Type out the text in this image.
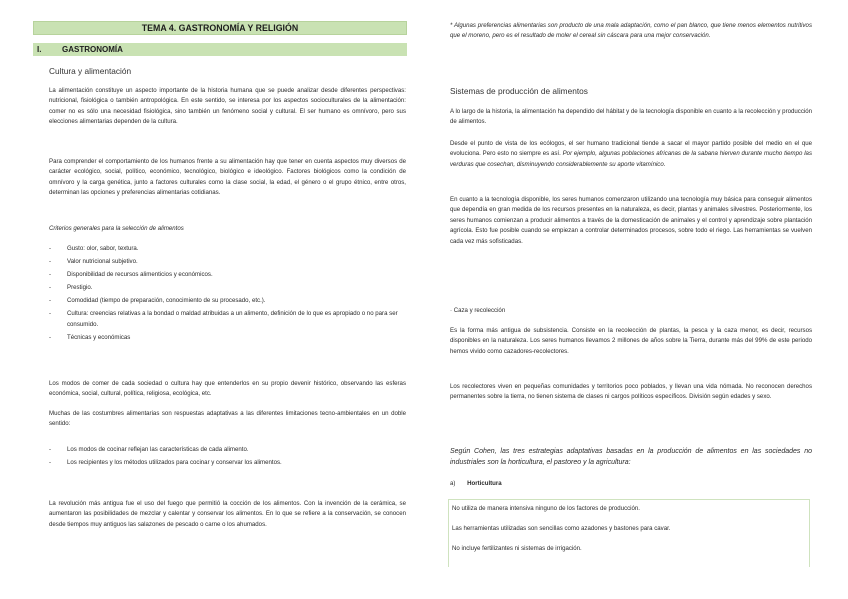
TEMA 4. GASTRONOMÍA Y RELIGIÓN
I.	GASTRONOMÍA
Cultura y alimentación

La alimentación constituye un aspecto importante de la historia humana que se puede analizar desde diferentes perspectivas: nutricional, fisiológica o también antropológica. En este sentido, se interesa por los aspectos socioculturales de la alimentación: comer no es sólo una necesidad fisiológica, sino también un fenómeno social y cultural. El ser humano es omnívoro, pero sus elecciones alimentarias dependen de la cultura.

Para comprender el comportamiento de los humanos frente a su alimentación hay que tener en cuenta aspectos muy diversos de carácter ecológico, social, político, económico, tecnológico, biológico e ideológico. Factores biológicos como la condición de omnívoro y la carga genética, junto a factores culturales como la clase social, la edad, el género o el grupo étnico, entre otros, determinan las opciones y preferencias alimentarias cotidianas.

Criterios generales para la selección de alimentos

-	Gusto: olor, sabor, textura.
-	Valor nutricional subjetivo.
-	Disponibilidad de recursos alimenticios y económicos.
-	Prestigio.
-	Comodidad (tiempo de preparación, conocimiento de su procesado, etc.).
-	Cultura: creencias relativas a la bondad o maldad atribuidas a un alimento, definición de lo que es apropiado o no para ser consumido.
-	Técnicas y económicas

Los modos de comer de cada sociedad o cultura hay que entenderlos en su propio devenir histórico, observando las esferas económica, social, cultural, política, religiosa, ecológica, etc.

Muchas de las costumbres alimentarias son respuestas adaptativas a las diferentes limitaciones tecno-ambientales en un doble sentido:

-	Los modos de cocinar reflejan las características de cada alimento.
-	Los recipientes y los métodos utilizados para cocinar y conservar los alimentos.

La revolución más antigua fue el uso del fuego que permitió la cocción de los alimentos. Con la invención de la cerámica, se aumentaron las posibilidades de mezclar y calentar y conservar los alimentos. En lo que se refiere a la conservación, se conocen desde tiempos muy antiguos las salazones de pescado o carne o los ahumados.

* Algunas preferencias alimentarias son producto de una mala adaptación, como el pan blanco, que tiene menos elementos nutritivos que el moreno, pero es el resultado de moler el cereal sin cáscara para una mejor conservación.

Sistemas de producción de alimentos

A lo largo de la historia, la alimentación ha dependido del hábitat y de la tecnología disponible en cuanto a la recolección y producción de alimentos.

Desde el punto de vista de los ecólogos, el ser humano tradicional tiende a sacar el mayor partido posible del medio en el que evoluciona. Pero esto no siempre es así. Por ejemplo, algunas poblaciones africanas de la sabana hierven durante mucho tiempo las verduras que cosechan, disminuyendo considerablemente su aporte vitamínico.

En cuanto a la tecnología disponible, los seres humanos comenzaron utilizando una tecnología muy básica para conseguir alimentos que dependía en gran medida de los recursos presentes en la naturaleza, es decir, plantas y animales silvestres. Posteriormente, los seres humanos comienzan a producir alimentos a través de la domesticación de animales y el control y aprendizaje sobre plantación agrícola. Esto fue posible cuando se empiezan a controlar determinados procesos, sobre todo el riego. Las herramientas se vuelven cada vez más sofisticadas.

· Caza y recolección

Es la forma más antigua de subsistencia. Consiste en la recolección de plantas, la pesca y la caza menor, es decir, recursos disponibles en la naturaleza. Los seres humanos llevamos 2 millones de años sobre la Tierra, durante más del 99% de este periodo hemos vivido como cazadores-recolectores.

Los recolectores viven en pequeñas comunidades y territorios poco poblados, y llevan una vida nómada. No reconocen derechos permanentes sobre la tierra, no tienen sistema de clases ni cargos políticos específicos. División según edades y sexo.

Según Cohen, las tres estrategias adaptativas basadas en la producción de alimentos en las sociedades no industriales son la horticultura, el pastoreo y la agricultura:

a) Horticultura

No utiliza de manera intensiva ninguno de los factores de producción.

Las herramientas utilizadas son sencillas como azadones y bastones para cavar.

No incluye fertilizantes ni sistemas de irrigación.
